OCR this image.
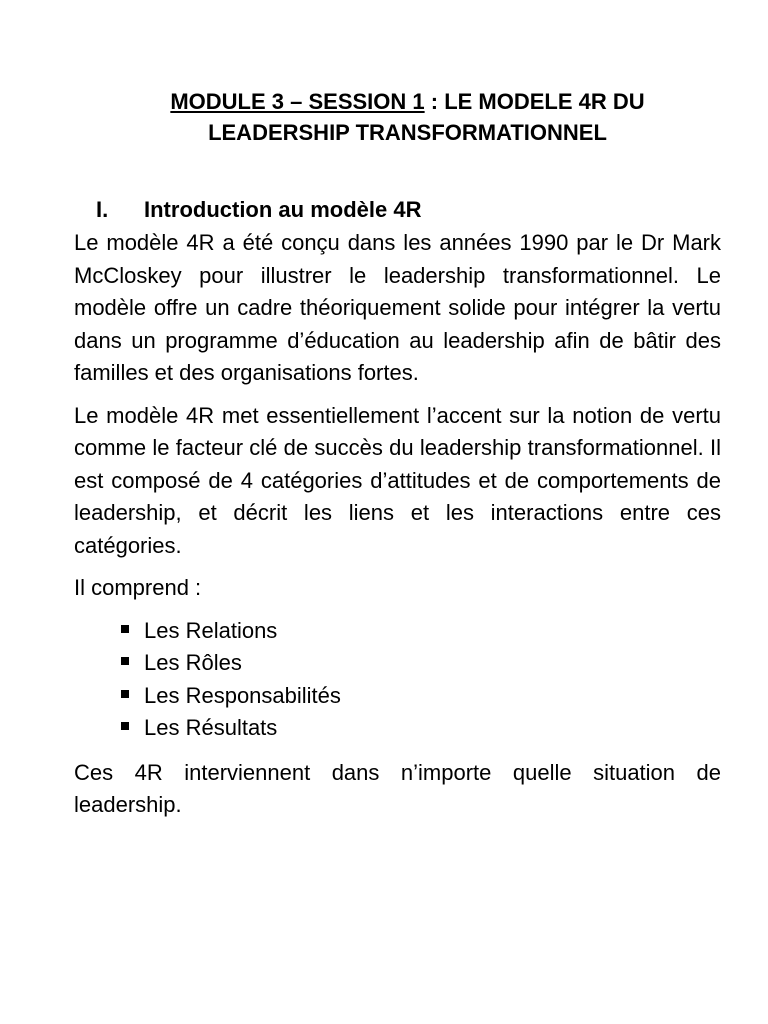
MODULE 3 – SESSION 1 : LE MODELE 4R DU
LEADERSHIP TRANSFORMATIONNEL
I.	Introduction au modèle 4R

Le modèle 4R a été conçu dans les années 1990 par le Dr Mark McCloskey pour illustrer le leadership transformationnel. Le modèle offre un cadre théoriquement solide pour intégrer la vertu dans un programme d’éducation au leadership afin de bâtir des familles et des organisations fortes.

Le modèle 4R met essentiellement l’accent sur la notion de vertu comme le facteur clé de succès du leadership transformationnel. Il est composé de 4 catégories d’attitudes et de comportements de leadership, et décrit les liens et les interactions entre ces catégories.

Il comprend :

Les Relations
Les Rôles
Les Responsabilités
Les Résultats

Ces 4R interviennent dans n’importe quelle situation de leadership.
